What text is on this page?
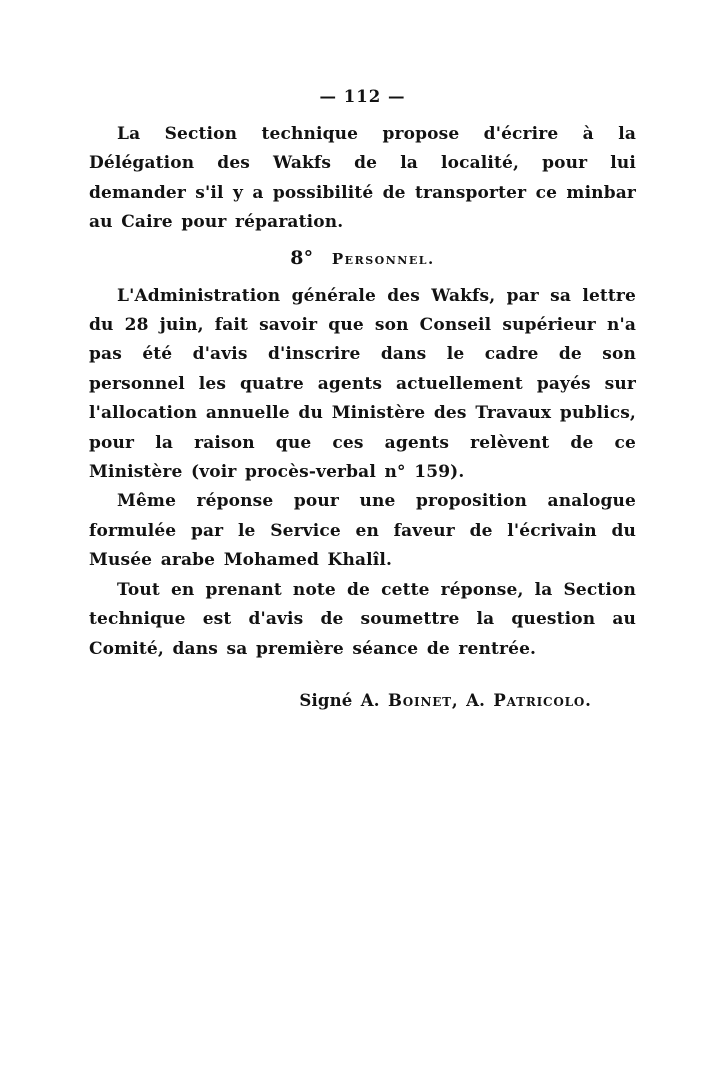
— 112 —

La Section technique propose d'écrire à la Délégation des Wakfs de la localité, pour lui demander s'il y a possibilité de transporter ce minbar au Caire pour réparation.

8° Personnel.

L'Administration générale des Wakfs, par sa lettre du 28 juin, fait savoir que son Conseil supérieur n'a pas été d'avis d'inscrire dans le cadre de son personnel les quatre agents actuellement payés sur l'allocation annuelle du Ministère des Travaux publics, pour la raison que ces agents relèvent de ce Ministère (voir procès-verbal n° 159).

Même réponse pour une proposition analogue formulée par le Service en faveur de l'écrivain du Musée arabe Mohamed Khalîl.

Tout en prenant note de cette réponse, la Section technique est d'avis de soumettre la question au Comité, dans sa première séance de rentrée.

Signé A. Boinet, A. Patricolo.
